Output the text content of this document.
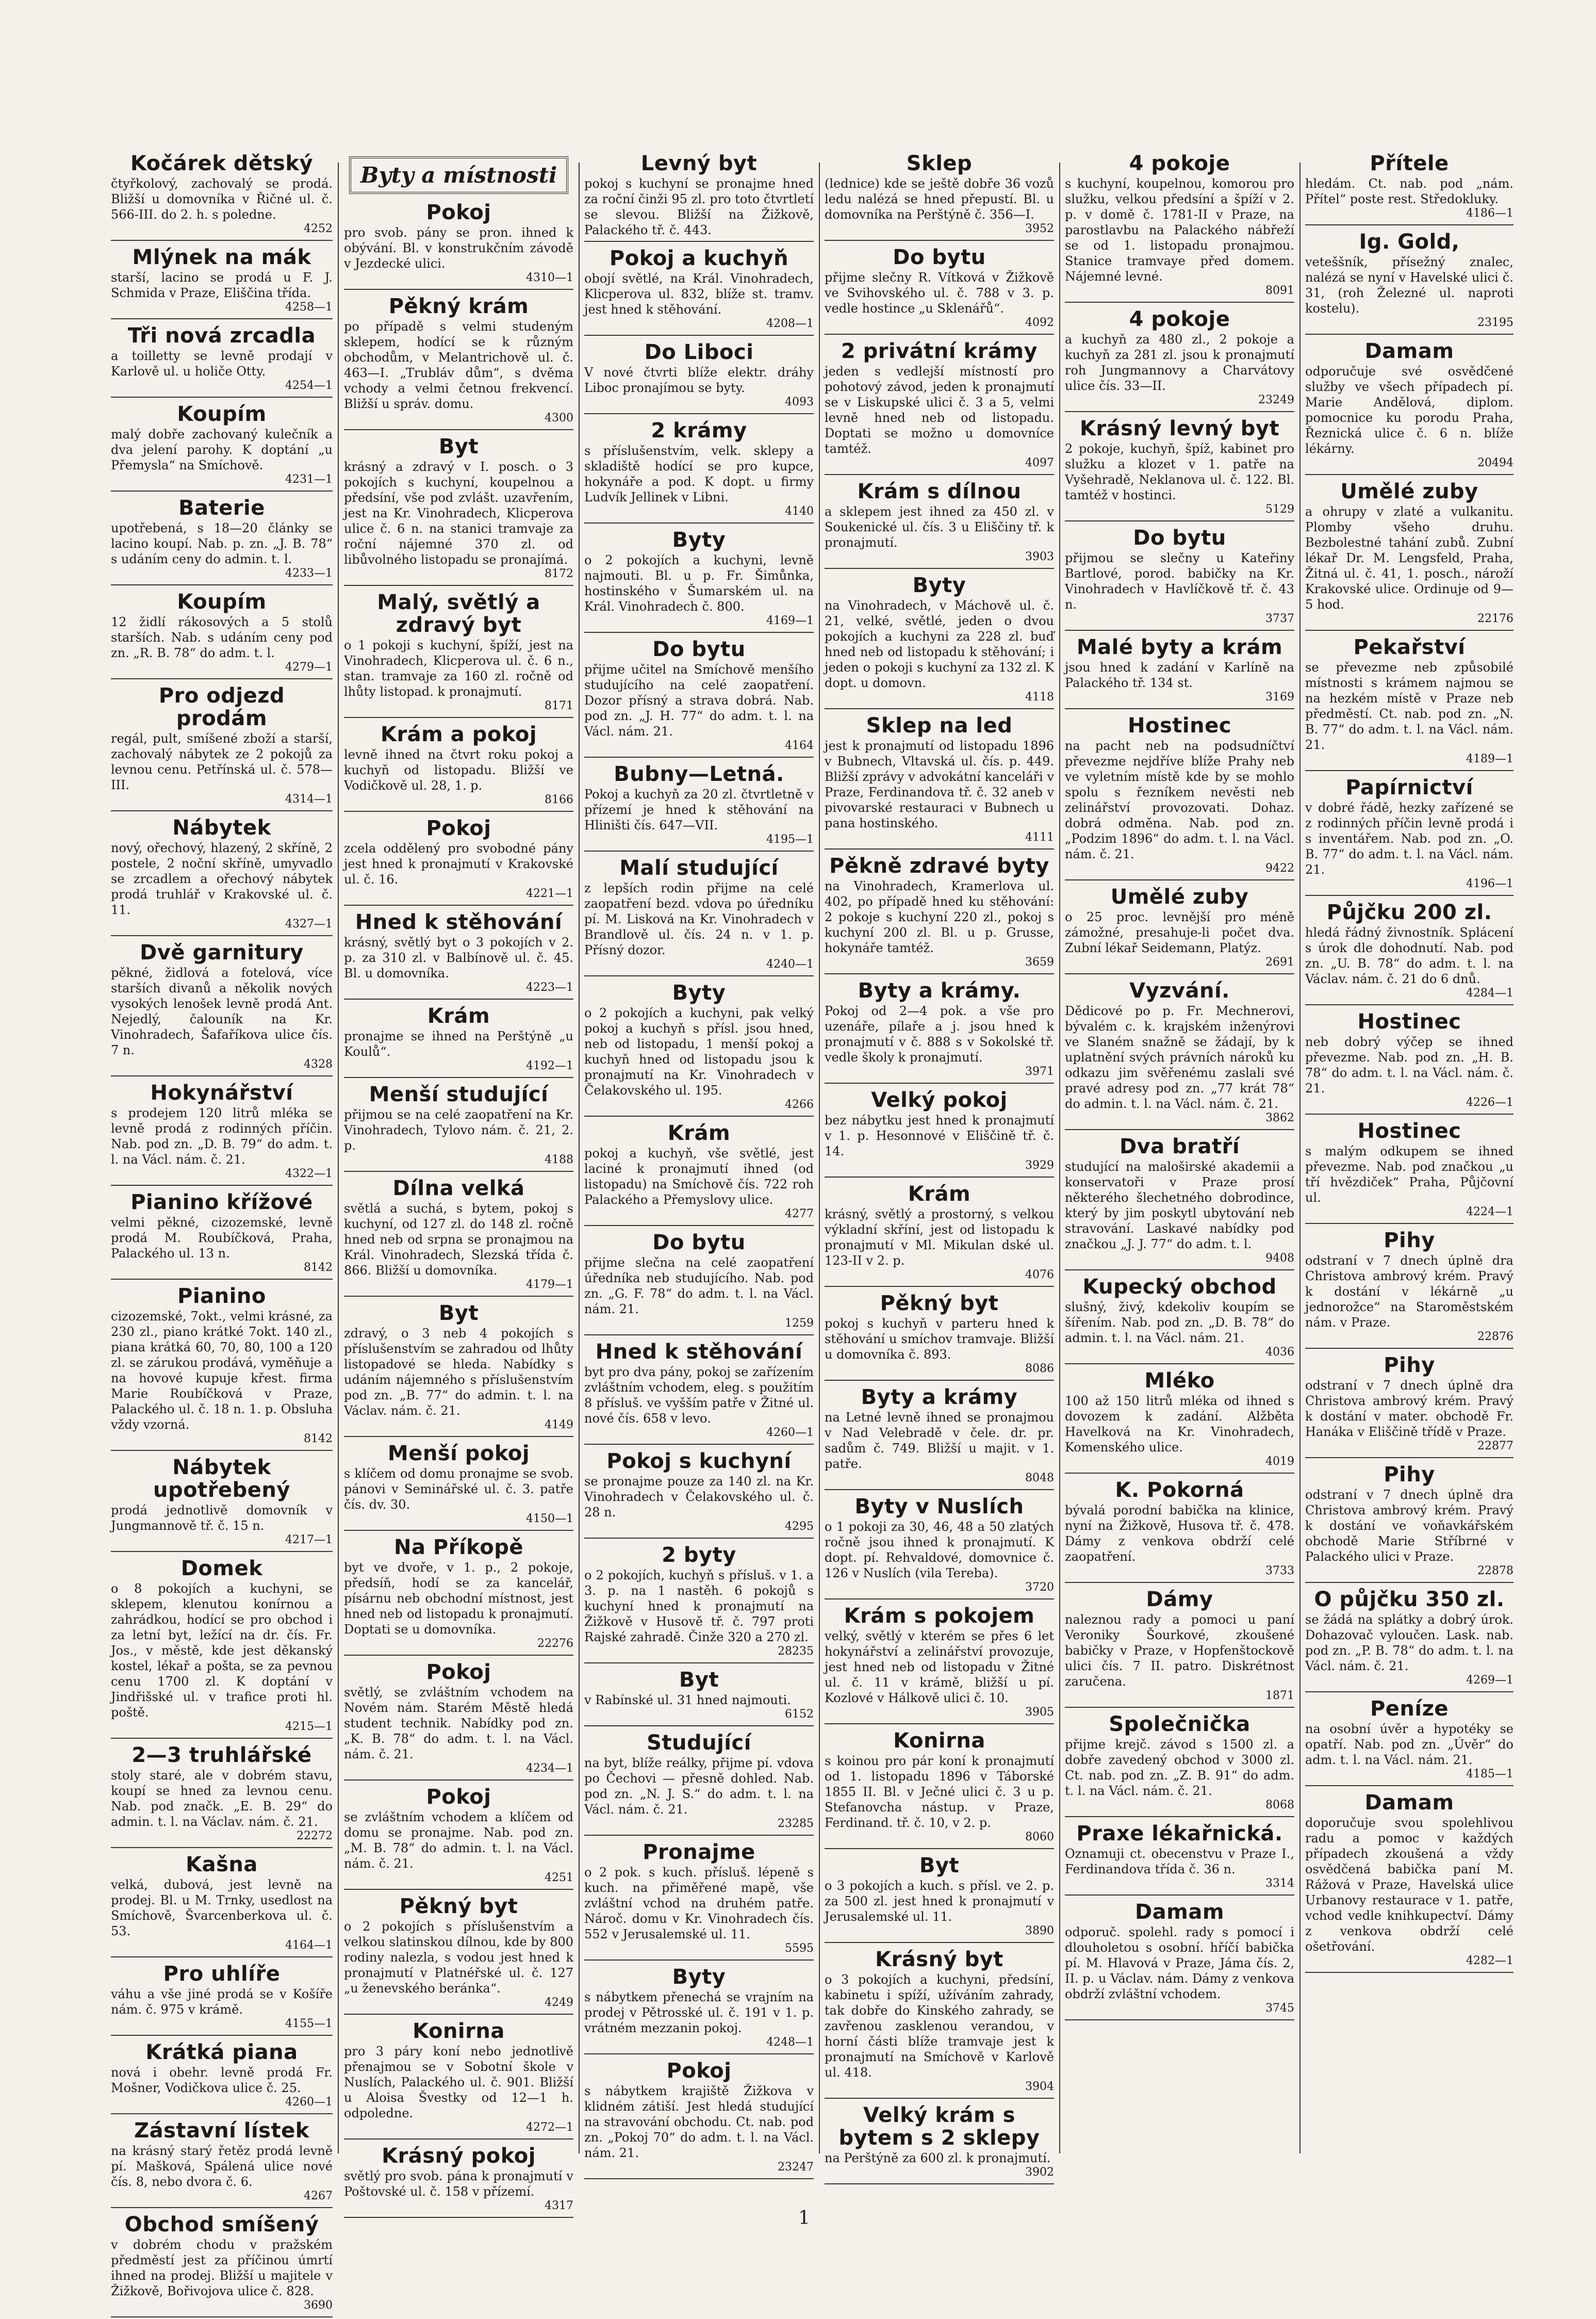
Kočárek dětský

čtyřkolový, zachovalý se prodá. Bližší u domovníka v Řičné ul. č. 566-III. do 2. h. s poledne.

4252

Mlýnek na mák

starší, lacino se prodá u F. J. Schmida v Praze, Eliščina třída.

4258—1

Tři nová zrcadla

a toilletty se levně prodají v Karlově ul. u holiče Otty.

4254—1

Koupím

malý dobře zachovaný kulečník a dva jelení parohy. K doptání „u Přemysla“ na Smíchově.

4231—1

Baterie

upotřebená, s 18—20 články se lacino koupí. Nab. p. zn. „J. B. 78“ s udáním ceny do admin. t. l.

4233—1

Koupím

12 židlí rákosových a 5 stolů starších. Nab. s udáním ceny pod zn. „R. B. 78“ do adm. t. l.

4279—1

Pro odjezd prodám

regál, pult, smíšené zboží a starší, zachovalý nábytek ze 2 pokojů za levnou cenu. Petřínská ul. č. 578—III.

4314—1

Nábytek

nový, ořechový, hlazený, 2 skříně, 2 postele, 2 noční skříně, umyvadlo se zrcadlem a ořechový nábytek prodá truhlář v Krakovské ul. č. 11.

4327—1

Dvě garnitury

pěkné, židlová a fotelová, více starších divanů a několik nových vysokých lenošek levně prodá Ant. Nejedlý, čalouník na Kr. Vinohradech, Šafaříkova ulice čís. 7 n.

4328

Hokynářství

s prodejem 120 litrů mléka se levně prodá z rodinných příčin. Nab. pod zn. „D. B. 79“ do adm. t. l. na Václ. nám. č. 21.

4322—1

Pianino křížové

velmi pěkné, cizozemské, levně prodá M. Roubíčková, Praha, Palackého ul. 13 n.

8142

Pianino

cizozemské, 7okt., velmi krásné, za 230 zl., piano krátké 7okt. 140 zl., piana krátká 60, 70, 80, 100 a 120 zl. se zárukou prodává, vyměňuje a na hovové kupuje křest. firma Marie Roubíčková v Praze, Palackého ul. č. 18 n. 1. p. Obsluha vždy vzorná.

8142

Nábytek upotřebený

prodá jednotlivě domovník v Jungmannově tř. č. 15 n.

4217—1

Domek

o 8 pokojích a kuchyni, se sklepem, klenutou konírnou a zahrádkou, hodící se pro obchod i za letní byt, ležící na dr. čís. Fr. Jos., v městě, kde jest děkanský kostel, lékař a pošta, se za pevnou cenu 1700 zl. K doptání v Jindřišské ul. v trafice proti hl. poště.

4215—1

2—3 truhlářské

stoly staré, ale v dobrém stavu, koupí se hned za levnou cenu. Nab. pod značk. „E. B. 29“ do admin. t. l. na Václav. nám. č. 21.

22272

Kašna

velká, dubová, jest levně na prodej. Bl. u M. Trnky, usedlost na Smíchově, Švarcenberkova ul. č. 53.

4164—1

Pro uhlíře

váhu a vše jiné prodá se v Košíře nám. č. 975 v krámě.

4155—1

Krátká piana

nová i obehr. levně prodá Fr. Mošner, Vodičkova ulice č. 25.

4260—1

Zástavní lístek

na krásný starý řetěz prodá levně pí. Mašková, Spálená ulice nové čís. 8, nebo dvora č. 6.

4267

Obchod smíšený

v dobrém chodu v pražském předměstí jest za příčinou úmrtí ihned na prodej. Bližší u majitele v Žižkově, Bořivojova ulice č. 828.

3690

Byty a místnosti
Pokoj

pro svob. pány se pron. ihned k obývání. Bl. v konstrukčním závodě v Jezdecké ulici.

4310—1

Pěkný krám

po případě s velmi studeným sklepem, hodící se k různým obchodům, v Melantrichově ul. č. 463—I. „Trubláv dům“, s dvěma vchody a velmi četnou frekvencí. Bližší u správ. domu.

4300

Byt

krásný a zdravý v I. posch. o 3 pokojích s kuchyní, koupelnou a předsíní, vše pod zvlášt. uzavřením, jest na Kr. Vinohradech, Klicperova ulice č. 6 n. na stanici tramvaje za roční nájemné 370 zl. od libůvolného listopadu se pronajímá.

8172

Malý, světlý a zdravý byt

o 1 pokoji s kuchyní, špíží, jest na Vinohradech, Klicperova ul. č. 6 n., stan. tramvaje za 160 zl. ročně od lhůty listopad. k pronajmutí.

8171

Krám a pokoj

levně ihned na čtvrt roku pokoj a kuchyň od listopadu. Bližší ve Vodičkově ul. 28, 1. p.

8166

Pokoj

zcela oddělený pro svobodné pány jest hned k pronajmutí v Krakovské ul. č. 16.

4221—1

Hned k stěhování

krásný, světlý byt o 3 pokojích v 2. p. za 310 zl. v Balbínově ul. č. 45. Bl. u domovníka.

4223—1

Krám

pronajme se ihned na Perštýně „u Koulů“.

4192—1

Menší studující

přijmou se na celé zaopatření na Kr. Vinohradech, Tylovo nám. č. 21, 2. p.

4188

Dílna velká

světlá a suchá, s bytem, pokoj s kuchyní, od 127 zl. do 148 zl. ročně hned neb od srpna se pronajmou na Král. Vinohradech, Slezská třída č. 866. Bližší u domovníka.

4179—1

Byt

zdravý, o 3 neb 4 pokojích s příslušenstvím se zahradou od lhůty listopadové se hleda. Nabídky s udáním nájemného s příslušenstvím pod zn. „B. 77“ do admin. t. l. na Václav. nám. č. 21.

4149

Menší pokoj

s klíčem od domu pronajme se svob. pánovi v Seminářské ul. č. 3. patře čís. dv. 30.

4150—1

Na Příkopě

byt ve dvoře, v 1. p., 2 pokoje, předsíň, hodí se za kancelář, písárnu neb obchodní místnost, jest hned neb od listopadu k pronajmutí. Doptati se u domovníka.

22276

Pokoj

světlý, se zvláštním vchodem na Novém nám. Starém Městě hledá student technik. Nabídky pod zn. „K. B. 78“ do adm. t. l. na Václ. nám. č. 21.

4234—1

Pokoj

se zvláštním vchodem a klíčem od domu se pronajme. Nab. pod zn. „M. B. 78“ do admin. t. l. na Václ. nám. č. 21.

4251

Pěkný byt

o 2 pokojích s příslušenstvím a velkou slatinskou dílnou, kde by 800 rodiny nalezla, s vodou jest hned k pronajmutí v Platnéřské ul. č. 127 „u ženevského beránka“.

4249

Konirna

pro 3 páry koní nebo jednotlivě přenajmou se v Sobotní škole v Nuslích, Palackého ul. č. 901. Bližší u Aloisa Švestky od 12—1 h. odpoledne.

4272—1

Krásný pokoj

světlý pro svob. pána k pronajmutí v Poštovské ul. č. 158 v přízemí.

4317

Levný byt

pokoj s kuchyní se pronajme hned za roční činži 95 zl. pro toto čtvrtletí se slevou. Bližší na Žižkově, Palackého tř. č. 443.

Pokoj a kuchyň

obojí světlé, na Král. Vinohradech, Klicperova ul. 832, blíže st. tramv. jest hned k stěhování.

4208—1

Do Liboci

V nové čtvrti blíže elektr. dráhy Liboc pronajímou se byty.

4093

2 krámy

s příslušenstvím, velk. sklepy a skladiště hodící se pro kupce, hokynáře a pod. K dopt. u firmy Ludvík Jellinek v Libni.

4140

Byty

o 2 pokojích a kuchyni, levně najmouti. Bl. u p. Fr. Šimůnka, hostinského v Šumarském ul. na Král. Vinohradech č. 800.

4169—1

Do bytu

přijme učitel na Smíchově menšího studujícího na celé zaopatření. Dozor přísný a strava dobrá. Nab. pod zn. „J. H. 77“ do adm. t. l. na Václ. nám. 21.

4164

Bubny—Letná.

Pokoj a kuchyň za 20 zl. čtvrtletně v přízemí je hned k stěhování na Hliništi čís. 647—VII.

4195—1

Malí studující

z lepších rodin přijme na celé zaopatření bezd. vdova po úředníku pí. M. Lisková na Kr. Vinohradech v Brandlově ul. čís. 24 n. v 1. p. Přísný dozor.

4240—1

Byty

o 2 pokojích a kuchyni, pak velký pokoj a kuchyň s přísl. jsou hned, neb od listopadu, 1 menší pokoj a kuchyň hned od listopadu jsou k pronajmutí na Kr. Vinohradech v Čelakovského ul. 195.

4266

Krám

pokoj a kuchyň, vše světlé, jest laciné k pronajmutí ihned (od listopadu) na Smíchově čís. 722 roh Palackého a Přemyslovy ulice.

4277

Do bytu

přijme slečna na celé zaopatření úředníka neb studujícího. Nab. pod zn. „G. F. 78“ do adm. t. l. na Václ. nám. 21.

1259

Hned k stěhování

byt pro dva pány, pokoj se zařízením zvláštním vchodem, eleg. s použitím 8 přísluš. ve vyšším patře v Žitné ul. nové čís. 658 v levo.

4260—1

Pokoj s kuchyní

se pronajme pouze za 140 zl. na Kr. Vinohradech v Čelakovského ul. č. 28 n.

4295

2 byty

o 2 pokojích, kuchyň s přísluš. v 1. a 3. p. na 1 nastěh. 6 pokojů s kuchyní hned k pronajmutí na Žižkově v Husově tř. č. 797 proti Rajské zahradě. Činže 320 a 270 zl.

28235

Byt

v Rabínské ul. 31 hned najmouti.

6152

Studující

na byt, blíže reálky, přijme pí. vdova po Čechovi — přesně dohled. Nab. pod zn. „N. J. S.“ do adm. t. l. na Václ. nám. č. 21.

23285

Pronajme

o 2 pok. s kuch. přísluš. lépeně s kuch. na přiměřené mapě, vše zvláštní vchod na druhém patře. Nároč. domu v Kr. Vinohradech čís. 552 v Jerusalemské ul. 11.

5595

Byty

s nábytkem přenechá se vrajním na prodej v Pětrosské ul. č. 191 v 1. p. vrátném mezzanin pokoj.

4248—1

Pokoj

s nábytkem krajiště Žižkova v klidném zátiší. Jest hledá studující na stravování obchodu. Ct. nab. pod zn. „Pokoj 70“ do adm. t. l. na Václ. nám. 21.

23247

Sklep

(lednice) kde se ještě dobře 36 vozů ledu nalézá se hned přepustí. Bl. u domovníka na Perštýně č. 356—I.

3952

Do bytu

přijme slečny R. Vítková v Žižkově ve Svihovského ul. č. 788 v 3. p. vedle hostince „u Sklenářů“.

4092

2 privátní krámy

jeden s vedlejší místností pro pohotový závod, jeden k pronajmutí se v Liskupské ulici č. 3 a 5, velmi levně hned neb od listopadu. Doptati se možno u domovníce tamtéž.

4097

Krám s dílnou

a sklepem jest ihned za 450 zl. v Soukenické ul. čís. 3 u Eliščiny tř. k pronajmutí.

3903

Byty

na Vinohradech, v Máchově ul. č. 21, velké, světlé, jeden o dvou pokojích a kuchyni za 228 zl. buď hned neb od listopadu k stěhování; i jeden o pokoji s kuchyní za 132 zl. K dopt. u domovn.

4118

Sklep na led

jest k pronajmutí od listopadu 1896 v Bubnech, Vltavská ul. čís. p. 449. Bližší zprávy v advokátní kanceláři v Praze, Ferdinandova tř. č. 32 aneb v pivovarské restauraci v Bubnech u pana hostinského.

4111

Pěkně zdravé byty

na Vinohradech, Kramerlova ul. 402, po případě hned ku stěhování: 2 pokoje s kuchyní 220 zl., pokoj s kuchyní 200 zl. Bl. u p. Grusse, hokynáře tamtéž.

3659

Byty a krámy.

Pokoj od 2—4 pok. a vše pro uzenáře, pílaře a j. jsou hned k pronajmutí v č. 888 s v Sokolské tř. vedle školy k pronajmutí.

3971

Velký pokoj

bez nábytku jest hned k pronajmutí v 1. p. Hesonnové v Eliščině tř. č. 14.

3929

Krám

krásný, světlý a prostorný, s velkou výkladní skříní, jest od listopadu k pronajmutí v Ml. Mikulan dské ul. 123-II v 2. p.

4076

Pěkný byt

pokoj s kuchyň v parteru hned k stěhování u smíchov tramvaje. Bližší u domovníka č. 893.

8086

Byty a krámy

na Letné levně ihned se pronajmou v Nad Velebradě v čele. dr. pr. sadům č. 749. Bližší u majit. v 1. patře.

8048

Byty v Nuslích

o 1 pokoji za 30, 46, 48 a 50 zlatých ročně jsou ihned k pronajmutí. K dopt. pí. Rehvaldové, domovnice č. 126 v Nuslích (vila Tereba).

3720

Krám s pokojem

velký, světlý v kterém se přes 6 let hokynářství a zelinářství provozuje, jest hned neb od listopadu v Žitné ul. č. 11 v krámě, bližší u pí. Kozlové v Hálkově ulici č. 10.

3905

Konirna

s koinou pro pár koní k pronajmutí od 1. listopadu 1896 v Táborské 1855 II. Bl. v Ječné ulici č. 3 u p. Stefanovcha nástup. v Praze, Ferdinand. tř. č. 10, v 2. p.

8060

Byt

o 3 pokojích a kuch. s přísl. ve 2. p. za 500 zl. jest hned k pronajmutí v Jerusalemské ul. 11.

3890

Krásný byt

o 3 pokojích a kuchyni, předsíní, kabinetu i spíží, užíváním zahrady, tak dobře do Kinského zahrady, se zavřenou zasklenou verandou, v horní části blíže tramvaje jest k pronajmutí na Smíchově v Karlově ul. 418.

3904

Velký krám s bytem s 2 sklepy

na Perštýně za 600 zl. k pronajmutí.

3902

4 pokoje

s kuchyní, koupelnou, komorou pro služku, velkou předsíní a špíží v 2. p. v domě č. 1781-II v Praze, na parostlavbu na Palackého nábřeží se od 1. listopadu pronajmou. Stanice tramvaye před domem. Nájemné levné.

8091

4 pokoje

a kuchyň za 480 zl., 2 pokoje a kuchyň za 281 zl. jsou k pronajmutí roh Jungmannovy a Charvátovy ulice čís. 33—II.

23249

Krásný levný byt

2 pokoje, kuchyň, špíž, kabinet pro služku a klozet v 1. patře na Vyšehradě, Neklanova ul. č. 122. Bl. tamtéž v hostinci.

5129

Do bytu

přijmou se slečny u Kateřiny Bartlové, porod. babičky na Kr. Vinohradech v Havlíčkově tř. č. 43 n.

3737

Malé byty a krám

jsou hned k zadání v Karlíně na Palackého tř. 134 st.

3169

Hostinec

na pacht neb na podsudníčtví převezme nejdříve blíže Prahy neb ve vyletním místě kde by se mohlo spolu s řezníkem nevěsti neb zelinářství provozovati. Dohaz. dobrá odměna. Nab. pod zn. „Podzim 1896“ do adm. t. l. na Václ. nám. č. 21.

9422

Umělé zuby

o 25 proc. levnější pro méně zámožné, presahuje-li počet dva. Zubní lékař Seidemann, Platýz.

2691

Vyzvání.

Dědicové po p. Fr. Mechnerovi, bývalém c. k. krajském inženýrovi ve Slaném snažně se žádají, by k uplatnění svých právních nároků ku odkazu jim svěřenému zaslali své pravé adresy pod zn. „77 krát 78“ do admin. t. l. na Václ. nám. č. 21.

3862

Dva bratří

studující na maloširské akademii a konservatoři v Praze prosí některého šlechetného dobrodince, který by jim poskytl ubytování neb stravování. Laskavé nabídky pod značkou „J. J. 77“ do adm. t. l.

9408

Kupecký obchod

slušný, živý, kdekoliv koupím se šířením. Nab. pod zn. „D. B. 78“ do admin. t. l. na Václ. nám. 21.

4036

Mléko

100 až 150 litrů mléka od ihned s dovozem k zadání. Alžběta Havelková na Kr. Vinohradech, Komenského ulice.

4019

K. Pokorná

bývalá porodní babička na klinice, nyní na Žižkově, Husova tř. č. 478. Dámy z venkova obdrží celé zaopatření.

3733

Dámy

naleznou rady a pomoci u paní Veroniky Šourkové, zkoušené babičky v Praze, v Hopfenštockově ulici čís. 7 II. patro. Diskrétnost zaručena.

1871

Společnička

přijme krejč. závod s 1500 zl. a dobře zavedený obchod v 3000 zl. Ct. nab. pod zn. „Z. B. 91“ do adm. t. l. na Václ. nám. č. 21.

8068

Praxe lékařnická.

Oznamuji ct. obecenstvu v Praze I., Ferdinandova třída č. 36 n.

3314

Damam

odporuč. spolehl. rady s pomocí i dlouholetou s osobní. hříčí babička pí. M. Hlavová v Praze, Jáma čís. 2, II. p. u Václav. nám. Dámy z venkova obdrží zvláštní vchodem.

3745

Přítele

hledám. Ct. nab. pod „nám. Přítel“ poste rest. Středokluky.

4186—1

Ig. Gold,

veteššník, přísežný znalec, nalézá se nyní v Havelské ulici č. 31, (roh Železné ul. naproti kostelu).

23195

Damam

odporučuje své osvědčené služby ve všech případech pí. Marie Andělová, diplom. pomocnice ku porodu Praha, Řeznická ulice č. 6 n. blíže lékárny.

20494

Umělé zuby

a ohrupy v zlaté a vulkanitu. Plomby všeho druhu. Bezbolestné tahání zubů. Zubní lékař Dr. M. Lengsfeld, Praha, Žitná ul. č. 41, 1. posch., nároží Krakovské ulice. Ordinuje od 9—5 hod.

22176

Pekařství

se převezme neb způsobilé místnosti s krámem najmou se na hezkém místě v Praze neb předměstí. Ct. nab. pod zn. „N. B. 77“ do adm. t. l. na Václ. nám. 21.

4189—1

Papírnictví

v dobré řádě, hezky zařízené se z rodinných příčin levně prodá i s inventářem. Nab. pod zn. „O. B. 77“ do adm. t. l. na Václ. nám. 21.

4196—1

Půjčku 200 zl.

hledá řádný živnostník. Splácení s úrok dle dohodnutí. Nab. pod zn. „U. B. 78“ do adm. t. l. na Václav. nám. č. 21 do 6 dnů.

4284—1

Hostinec

neb dobrý výčep se ihned převezme. Nab. pod zn. „H. B. 78“ do adm. t. l. na Václ. nám. č. 21.

4226—1

Hostinec

s malým odkupem se ihned převezme. Nab. pod značkou „u tří hvězdiček“ Praha, Půjčovní ul.

4224—1

Pihy

odstraní v 7 dnech úplně dra Christova ambrový krém. Pravý k dostání v lékárně „u jednorožce“ na Staroměstském nám. v Praze.

22876

Pihy

odstraní v 7 dnech úplně dra Christova ambrový krém. Pravý k dostání v mater. obchodě Fr. Hanáka v Eliščině třídě v Praze.

22877

Pihy

odstraní v 7 dnech úplně dra Christova ambrový krém. Pravý k dostání ve voňavkářském obchodě Marie Stříbrné v Palackého ulici v Praze.

22878

O půjčku 350 zl.

se žádá na splátky a dobrý úrok. Dohazovač vyloučen. Lask. nab. pod zn. „P. B. 78“ do adm. t. l. na Václ. nám. č. 21.

4269—1

Peníze

na osobní úvěr a hypotéky se opatří. Nab. pod zn. „Úvěr“ do adm. t. l. na Václ. nám. 21.

4185—1

Damam

doporučuje svou spolehlivou radu a pomoc v každých případech zkoušená a vždy osvědčená babička paní M. Rážová v Praze, Havelská ulice Urbanovy restaurace v 1. patře, vchod vedle knihkupectví. Dámy z venkova obdrží celé ošetřování.

4282—1

1
